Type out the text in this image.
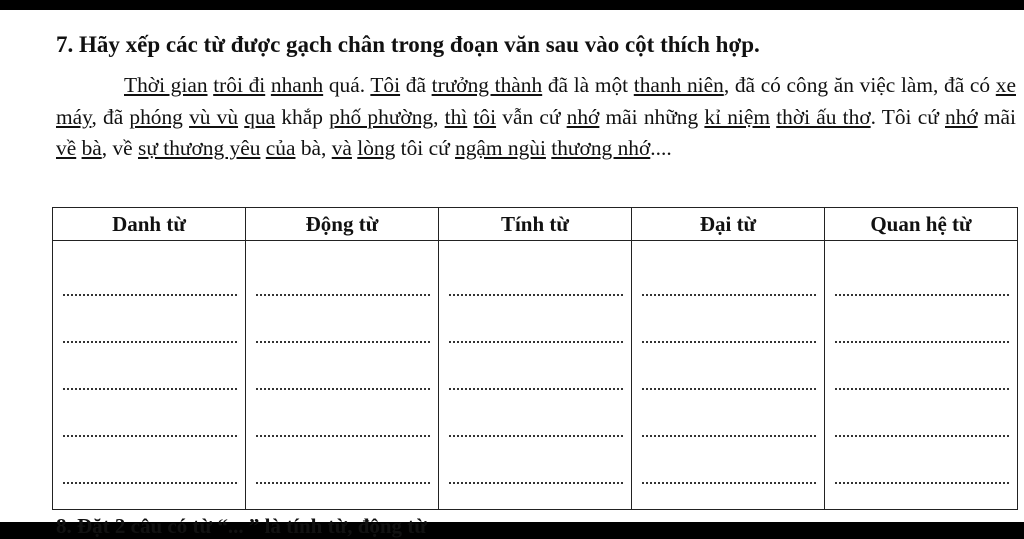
7. Hãy xếp các từ được gạch chân trong đoạn văn sau vào cột thích hợp.
Thời gian trôi đi nhanh quá. Tôi đã trưởng thành đã là một thanh niên, đã có công ăn việc làm, đã có xe máy, đã phóng vù vù qua khắp phố phường, thì tôi vẫn cứ nhớ mãi những kỉ niệm thời ấu thơ. Tôi cứ nhớ mãi về bà, về sự thương yêu của bà, và lòng tôi cứ ngậm ngùi thương nhớ....
Danh từ	Động từ	Tính từ	Đại từ	Quan hệ từ

8. Đặt 2 câu có từ “... ” là tính từ, động từ
